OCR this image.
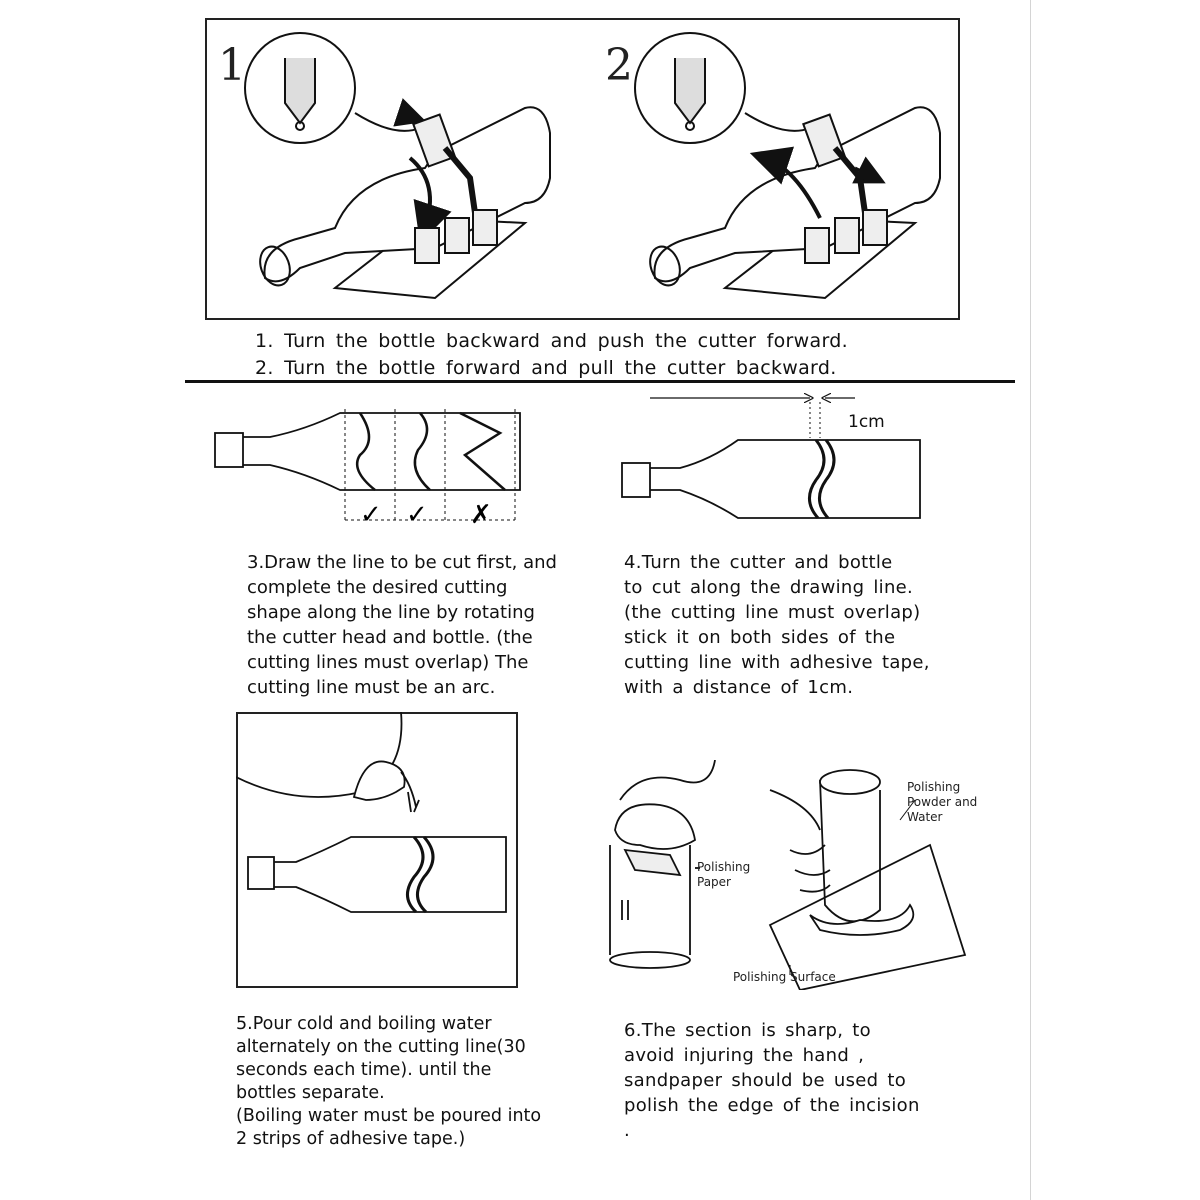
1	2
1. Turn the bottle backward and push the cutter forward.
2. Turn the bottle forward and pull the cutter backward.
✓ ✓ ✗
3.Draw the line to be cut first, and
complete the desired cutting
shape along the line by rotating
the cutter head and bottle. (the
cutting lines must overlap) The
cutting line must be an arc.
1cm
4.Turn the cutter and bottle
to cut along the drawing line.
(the cutting line must overlap)
stick it on both sides of the
cutting line with adhesive tape,
with a distance of 1cm.
5.Pour cold and boiling water
alternately on the cutting line(30
seconds each time). until the
bottles separate.
(Boiling water must be poured into
2 strips of adhesive tape.)
Polishing
Paper
Polishing
Powder and
Water
Polishing Surface
6.The section is sharp, to
avoid injuring the hand ,
sandpaper should be used to
polish the edge of the incision
.
